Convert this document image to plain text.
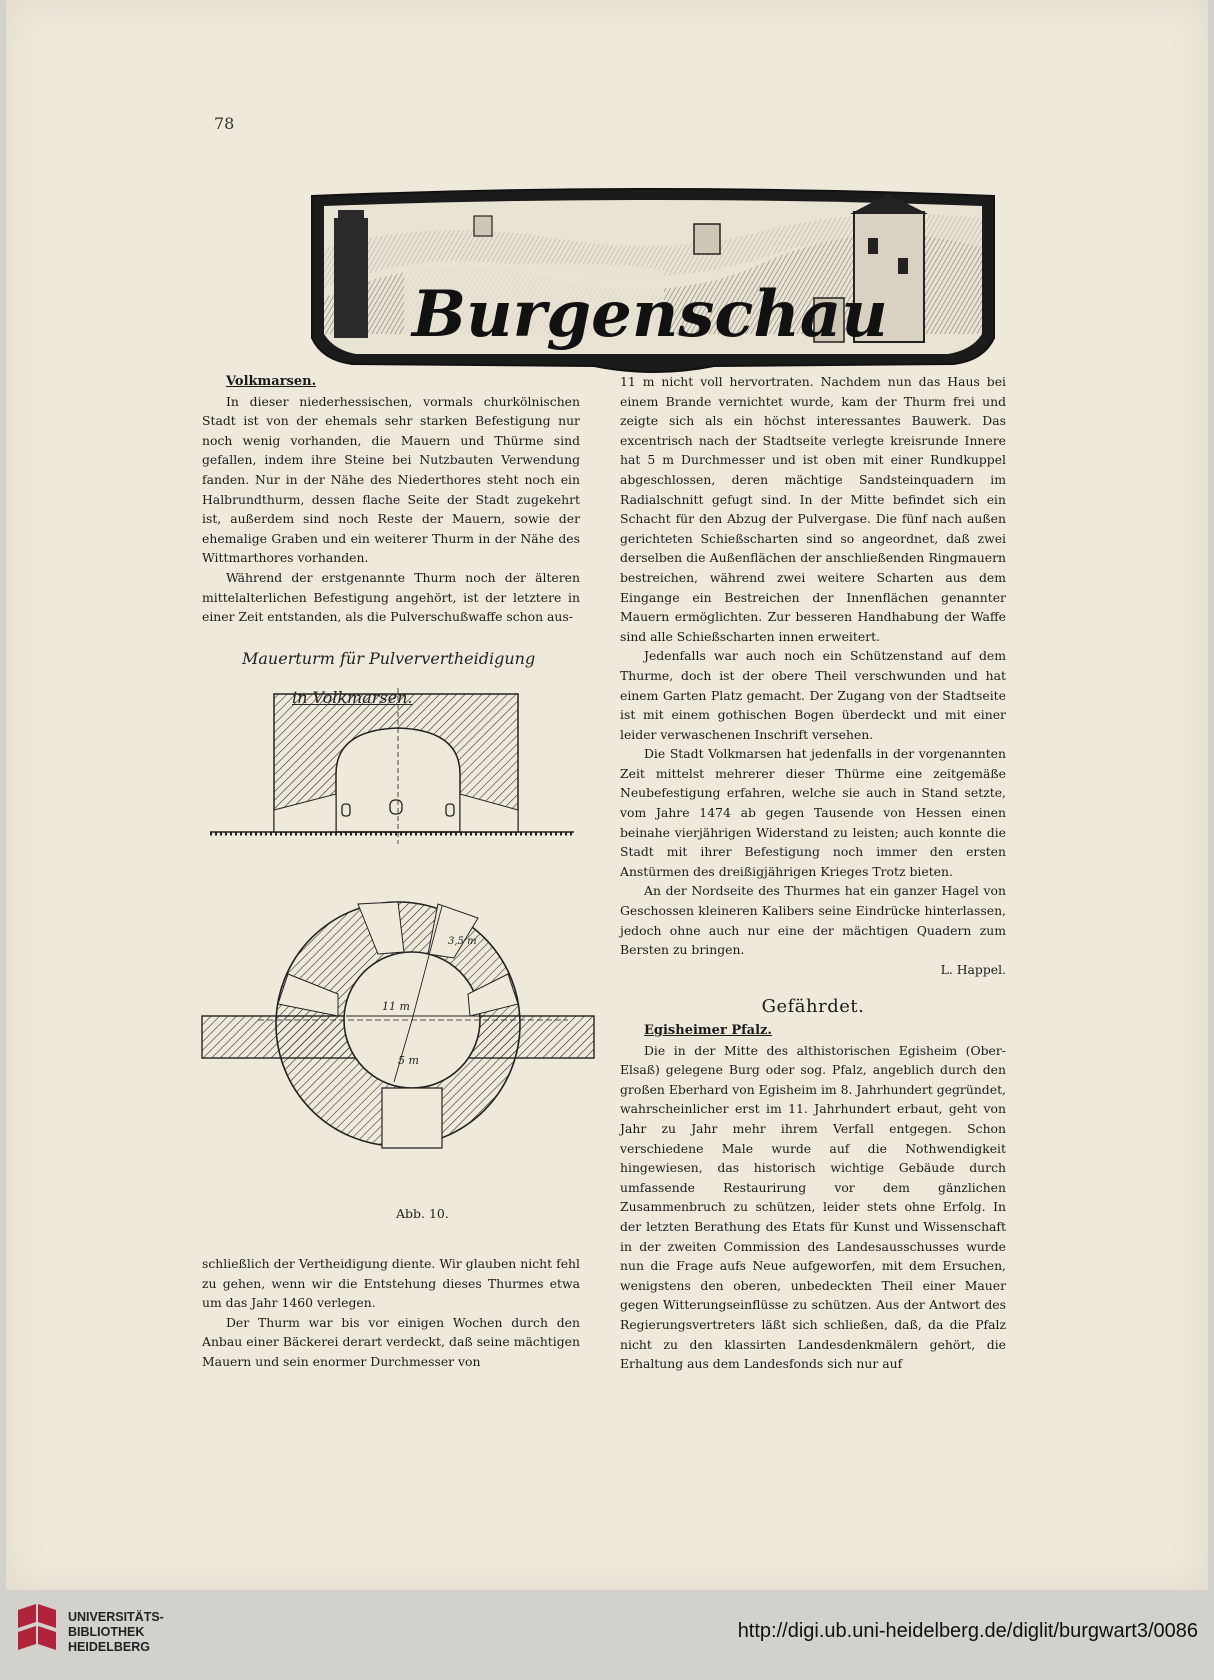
78
Burgenschau

Volkmarsen.

In dieser niederhessischen, vormals churkölnischen Stadt ist von der ehemals sehr starken Befestigung nur noch wenig vorhanden, die Mauern und Thürme sind gefallen, indem ihre Steine bei Nutzbauten Verwendung fanden. Nur in der Nähe des Niederthores steht noch ein Halbrundthurm, dessen flache Seite der Stadt zugekehrt ist, außerdem sind noch Reste der Mauern, sowie der ehemalige Graben und ein weiterer Thurm in der Nähe des Wittmarthores vorhanden.

Während der erstgenannte Thurm noch der älteren mittelalterlichen Befestigung angehört, ist der letztere in einer Zeit entstanden, als die Pulverschußwaffe schon aus-

Mauerturm für Pulververtheidigung
11 m
5 m
3,5 m
in Volkmarsen.
Abb. 10.

schließlich der Vertheidigung diente. Wir glauben nicht fehl zu gehen, wenn wir die Entstehung dieses Thurmes etwa um das Jahr 1460 verlegen.

Der Thurm war bis vor einigen Wochen durch den Anbau einer Bäckerei derart verdeckt, daß seine mächtigen Mauern und sein enormer Durchmesser von

11 m nicht voll hervortraten. Nachdem nun das Haus bei einem Brande vernichtet wurde, kam der Thurm frei und zeigte sich als ein höchst interessantes Bauwerk. Das excentrisch nach der Stadtseite verlegte kreisrunde Innere hat 5 m Durchmesser und ist oben mit einer Rundkuppel abgeschlossen, deren mächtige Sandsteinquadern im Radialschnitt gefugt sind. In der Mitte befindet sich ein Schacht für den Abzug der Pulvergase. Die fünf nach außen gerichteten Schießscharten sind so angeordnet, daß zwei derselben die Außenflächen der anschließenden Ringmauern bestreichen, während zwei weitere Scharten aus dem Eingange ein Bestreichen der Innenflächen genannter Mauern ermöglichten. Zur besseren Handhabung der Waffe sind alle Schießscharten innen erweitert.

Jedenfalls war auch noch ein Schützenstand auf dem Thurme, doch ist der obere Theil verschwunden und hat einem Garten Platz gemacht. Der Zugang von der Stadtseite ist mit einem gothischen Bogen überdeckt und mit einer leider verwaschenen Inschrift versehen.

Die Stadt Volkmarsen hat jedenfalls in der vorgenannten Zeit mittelst mehrerer dieser Thürme eine zeitgemäße Neubefestigung erfahren, welche sie auch in Stand setzte, vom Jahre 1474 ab gegen Tausende von Hessen einen beinahe vierjährigen Widerstand zu leisten; auch konnte die Stadt mit ihrer Befestigung noch immer den ersten Anstürmen des dreißigjährigen Krieges Trotz bieten.

An der Nordseite des Thurmes hat ein ganzer Hagel von Geschossen kleineren Kalibers seine Eindrücke hinterlassen, jedoch ohne auch nur eine der mächtigen Quadern zum Bersten zu bringen.

L. Happel.

Gefährdet.

Egisheimer Pfalz.

Die in der Mitte des althistorischen Egisheim (Ober-Elsaß) gelegene Burg oder sog. Pfalz, angeblich durch den großen Eberhard von Egisheim im 8. Jahrhundert gegründet, wahrscheinlicher erst im 11. Jahrhundert erbaut, geht von Jahr zu Jahr mehr ihrem Verfall entgegen. Schon verschiedene Male wurde auf die Nothwendigkeit hingewiesen, das historisch wichtige Gebäude durch umfassende Restaurirung vor dem gänzlichen Zusammenbruch zu schützen, leider stets ohne Erfolg. In der letzten Berathung des Etats für Kunst und Wissenschaft in der zweiten Commission des Landesausschusses wurde nun die Frage aufs Neue aufgeworfen, mit dem Ersuchen, wenigstens den oberen, unbedeckten Theil einer Mauer gegen Witterungseinflüsse zu schützen. Aus der Antwort des Regierungsvertreters läßt sich schließen, daß, da die Pfalz nicht zu den klassirten Landesdenkmälern gehört, die Erhaltung aus dem Landesfonds sich nur auf

UNIVERSITÄTS-
BIBLIOTHEK
HEIDELBERG
http://digi.ub.uni-heidelberg.de/diglit/burgwart3/0086
